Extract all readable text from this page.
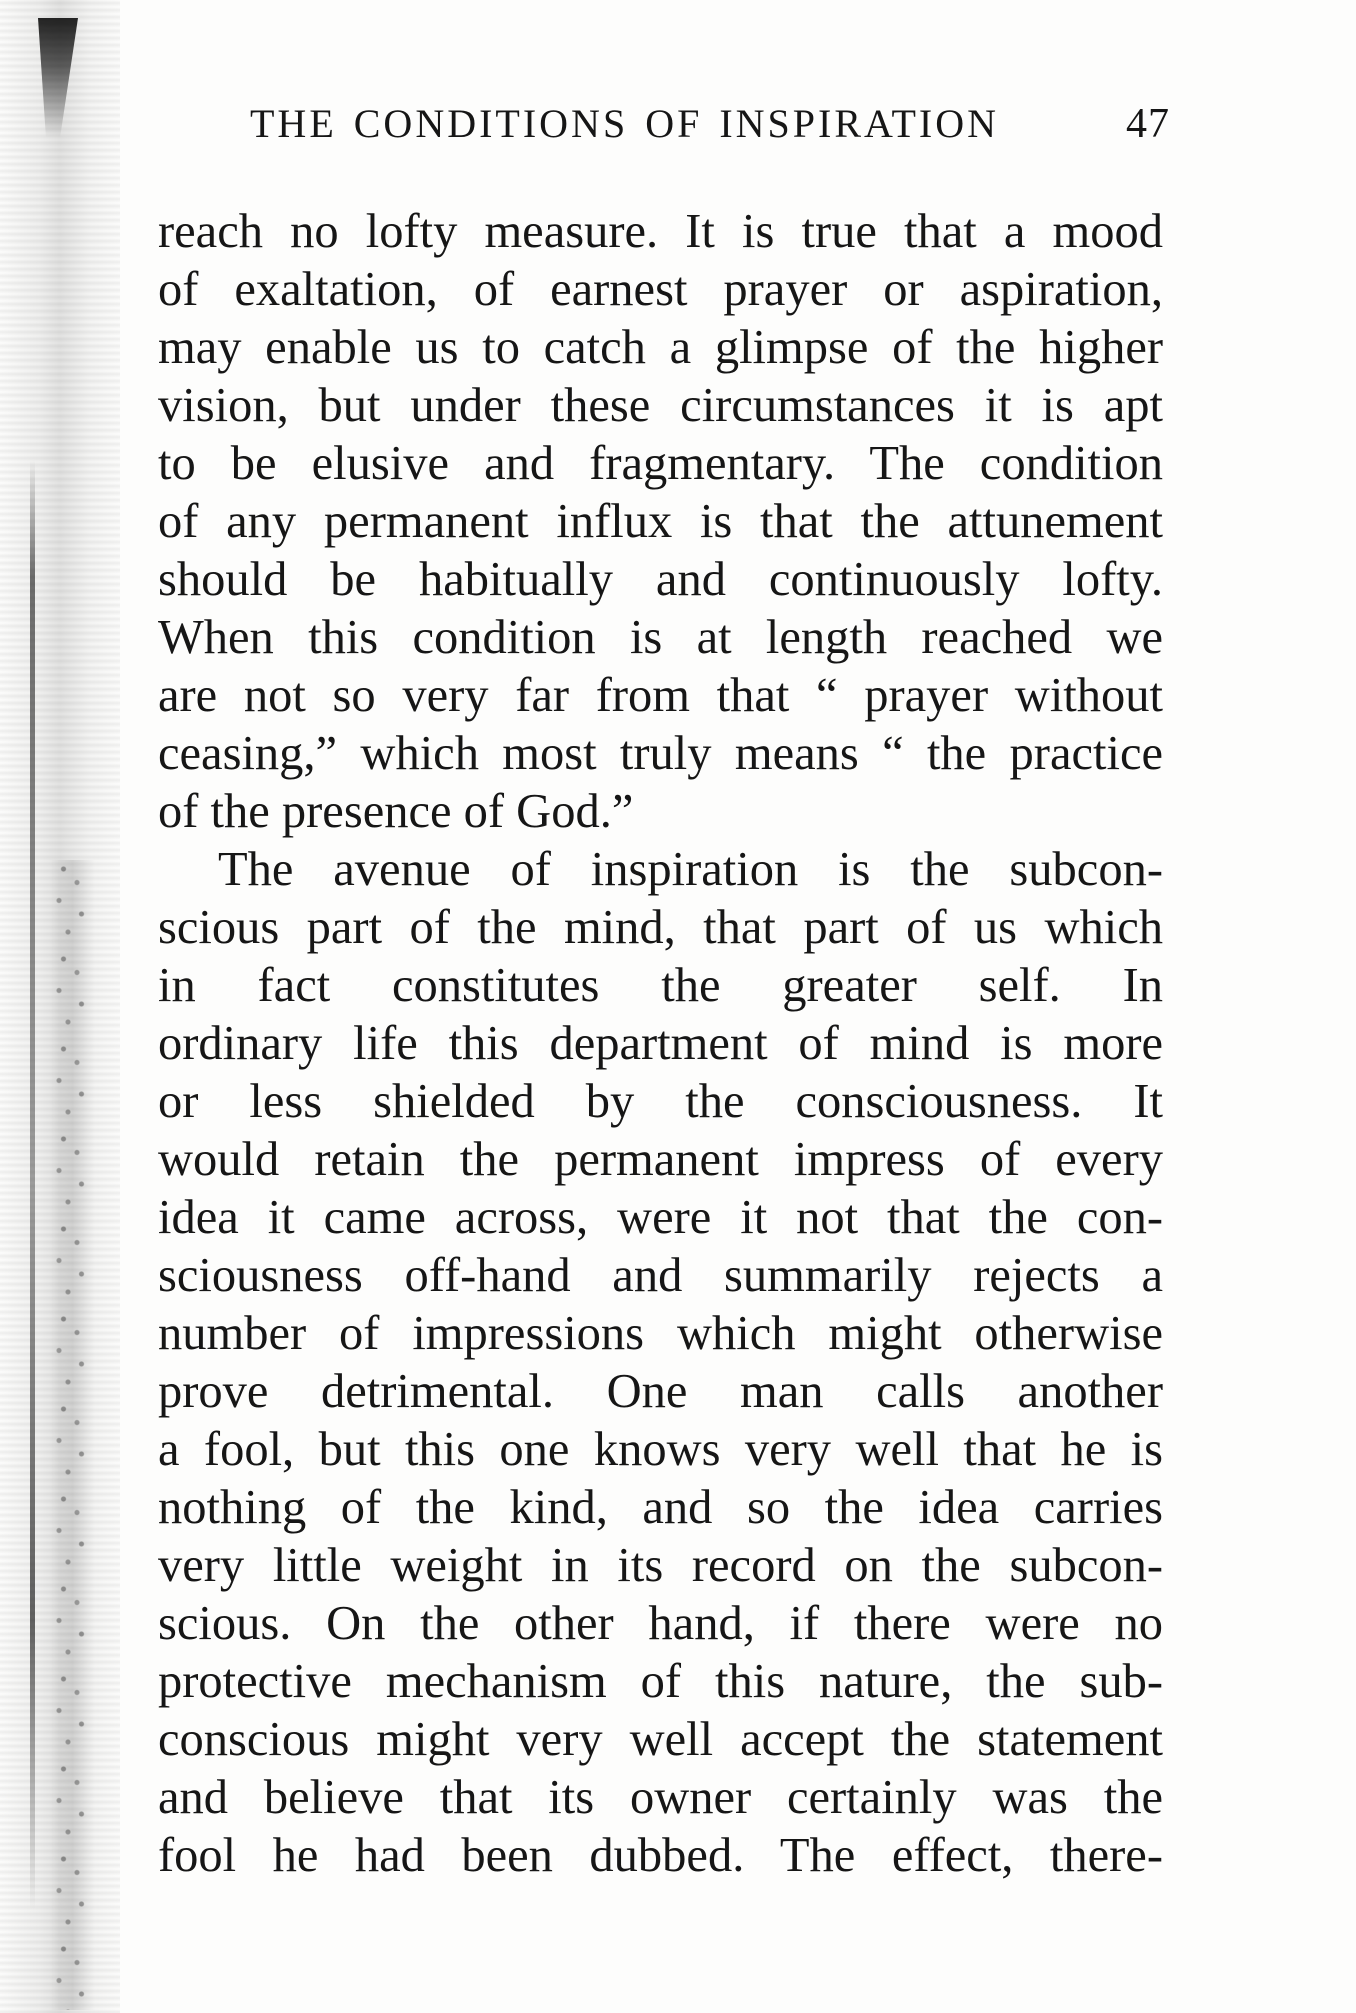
THE CONDITIONS OF INSPIRATION	47
reach no lofty measure. It is true that a mood
of exaltation, of earnest prayer or aspiration,
may enable us to catch a glimpse of the higher
vision, but under these circumstances it is apt
to be elusive and fragmentary. The condition
of any permanent influx is that the attunement
should be habitually and continuously lofty.
When this condition is at length reached we
are not so very far from that “ prayer without
ceasing,” which most truly means “ the practice
of the presence of God.”
The avenue of inspiration is the subcon-
scious part of the mind, that part of us which
in fact constitutes the greater self. In
ordinary life this department of mind is more
or less shielded by the consciousness. It
would retain the permanent impress of every
idea it came across, were it not that the con-
sciousness off-hand and summarily rejects a
number of impressions which might otherwise
prove detrimental. One man calls another
a fool, but this one knows very well that he is
nothing of the kind, and so the idea carries
very little weight in its record on the subcon-
scious. On the other hand, if there were no
protective mechanism of this nature, the sub-
conscious might very well accept the statement
and believe that its owner certainly was the
fool he had been dubbed. The effect, there-
